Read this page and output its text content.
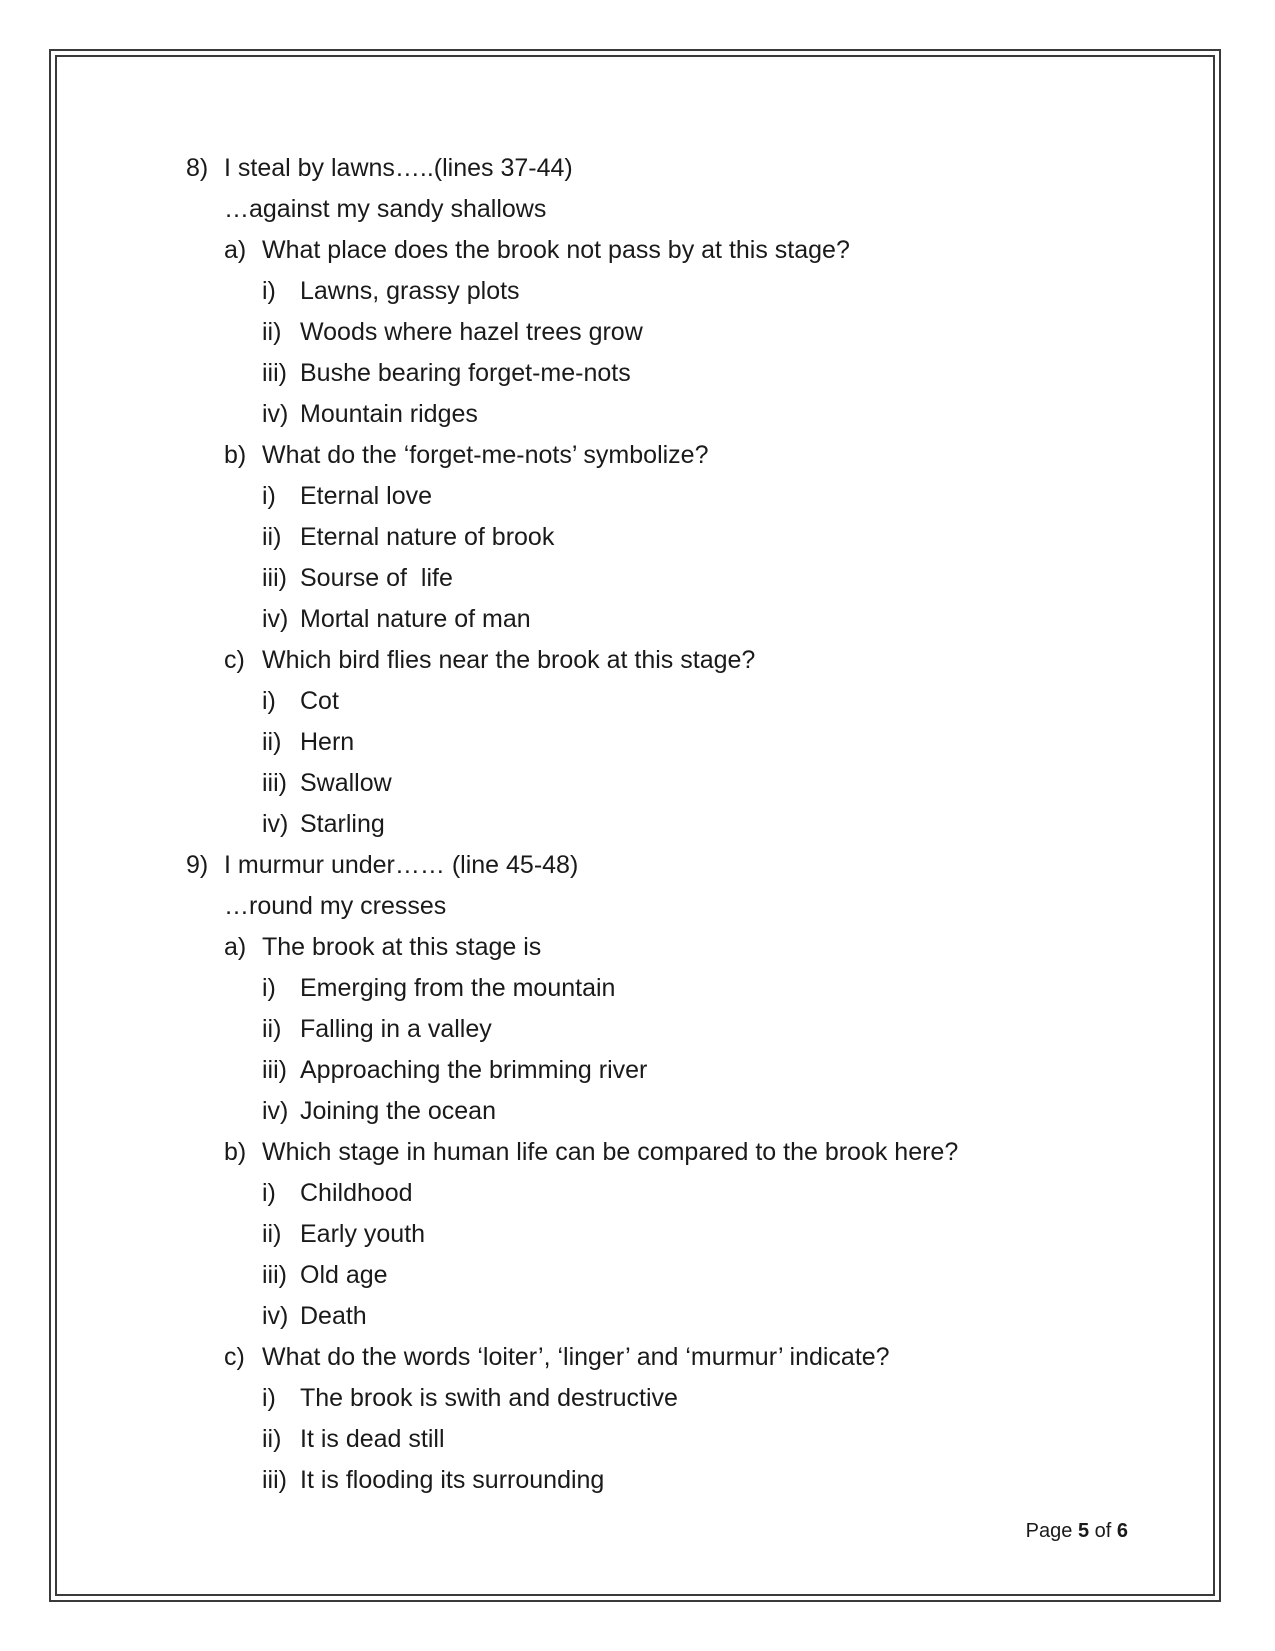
8) I steal by lawns…..(lines 37-44)
…against my sandy shallows
a) What place does the brook not pass by at this stage?
i) Lawns, grassy plots
ii) Woods where hazel trees grow
iii) Bushe bearing forget-me-nots
iv) Mountain ridges
b) What do the ‘forget-me-nots’ symbolize?
i) Eternal love
ii) Eternal nature of brook
iii) Sourse of  life
iv) Mortal nature of man
c) Which bird flies near the brook at this stage?
i) Cot
ii) Hern
iii) Swallow
iv) Starling
9) I murmur under…… (line 45-48)
…round my cresses
a) The brook at this stage is
i) Emerging from the mountain
ii) Falling in a valley
iii) Approaching the brimming river
iv) Joining the ocean
b) Which stage in human life can be compared to the brook here?
i) Childhood
ii) Early youth
iii) Old age
iv) Death
c) What do the words ‘loiter’, ‘linger’ and ‘murmur’ indicate?
i) The brook is swith and destructive
ii) It is dead still
iii) It is flooding its surrounding
Page 5 of 6
